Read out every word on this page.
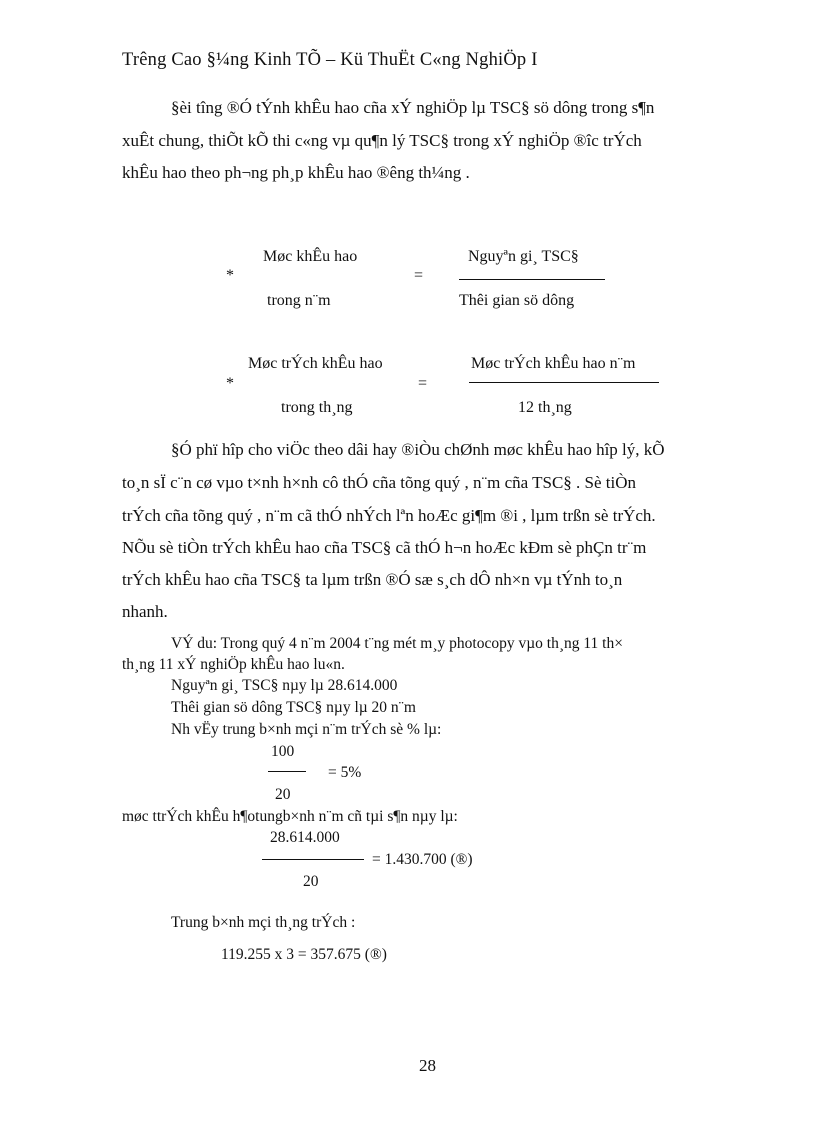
Trêng Cao §¼ng Kinh TÕ – Kü ThuËt C«ng NghiÖp I
§èi tîng ®Ó tÝnh khÊu hao cña xÝ nghiÖp lµ TSC§ sö dông trong s¶n
xuÊt chung, thiÕt kÕ thi c«ng vµ qu¶n lý TSC§ trong xÝ nghiÖp ®îc trÝch
khÊu hao theo ph¬ng ph¸p khÊu hao ®êng th¼ng .
*
Møc khÊu hao
trong n¨m
=
Nguyªn gi¸ TSC§
Thêi gian sö dông
*
Møc trÝch khÊu hao
trong th¸ng
=
Møc trÝch khÊu hao n¨m
12 th¸ng
§Ó phï hîp cho viÖc theo dâi hay ®iÒu chØnh møc khÊu hao hîp lý, kÕ
to¸n sÏ c¨n cø vµo t×nh h×nh cô thÓ cña tõng quý , n¨m cña TSC§ . Sè tiÒn
trÝch cña tõng quý , n¨m cã thÓ nhÝch lªn hoÆc gi¶m ®i , lµm trßn sè trÝch.
NÕu sè tiÒn trÝch khÊu hao cña TSC§ cã thÓ h¬n hoÆc kÐm sè phÇn tr¨m
trÝch khÊu hao cña TSC§ ta lµm trßn ®Ó sæ s¸ch dÔ nh×n vµ tÝnh to¸n
nhanh.
VÝ du: Trong quý 4 n¨m 2004 t¨ng mét m¸y photocopy vµo th¸ng 11 th×
th¸ng 11 xÝ nghiÖp khÊu hao lu«n.
Nguyªn gi¸ TSC§ nµy lµ 28.614.000
Thêi gian sö dông TSC§ nµy lµ 20 n¨m
Nh vËy trung b×nh mçi n¨m trÝch sè % lµ:
100
= 5%
20
møc ttrÝch khÊu h¶otungb×nh n¨m cñ tµi s¶n nµy lµ:
28.614.000
= 1.430.700 (®)
20
Trung b×nh mçi th¸ng trÝch :
119.255 x 3 = 357.675 (®)
28
